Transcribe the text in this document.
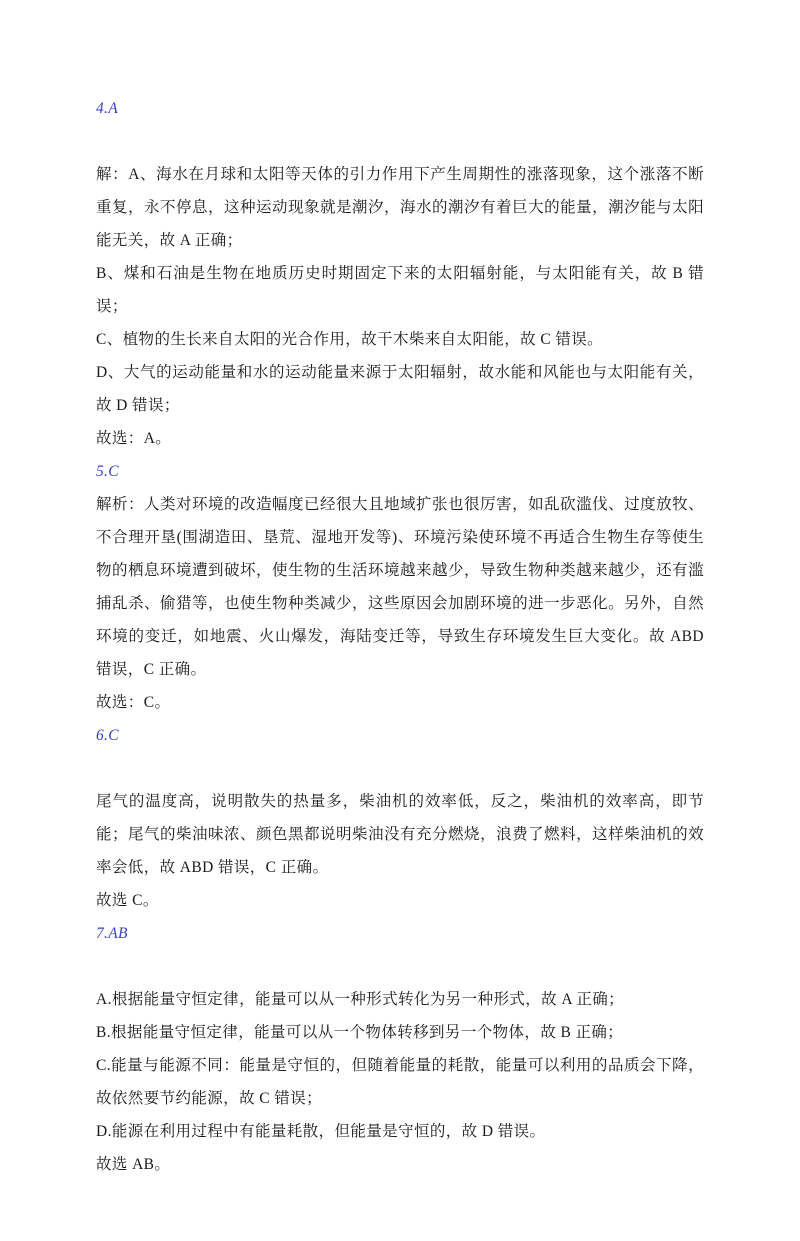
4.A

解：A、海水在月球和太阳等天体的引力作用下产生周期性的涨落现象，这个涨落不断重复，永不停息，这种运动现象就是潮汐，海水的潮汐有着巨大的能量，潮汐能与太阳能无关，故 A 正确；

B、煤和石油是生物在地质历史时期固定下来的太阳辐射能，与太阳能有关，故 B 错误；

C、植物的生长来自太阳的光合作用，故干木柴来自太阳能，故 C 错误。

D、大气的运动能量和水的运动能量来源于太阳辐射，故水能和风能也与太阳能有关，故 D 错误；

故选：A。

5.C

解析：人类对环境的改造幅度已经很大且地域扩张也很厉害，如乱砍滥伐、过度放牧、不合理开垦(围湖造田、垦荒、湿地开发等)、环境污染使环境不再适合生物生存等使生物的栖息环境遭到破坏，使生物的生活环境越来越少，导致生物种类越来越少，还有滥捕乱杀、偷猎等，也使生物种类减少，这些原因会加剧环境的进一步恶化。另外，自然环境的变迁，如地震、火山爆发，海陆变迁等，导致生存环境发生巨大变化。故 ABD 错误，C 正确。

故选：C。

6.C

尾气的温度高，说明散失的热量多，柴油机的效率低，反之，柴油机的效率高，即节能；尾气的柴油味浓、颜色黑都说明柴油没有充分燃烧，浪费了燃料，这样柴油机的效率会低，故 ABD 错误，C 正确。

故选 C。

7.AB

A.根据能量守恒定律，能量可以从一种形式转化为另一种形式，故 A 正确；

B.根据能量守恒定律，能量可以从一个物体转移到另一个物体，故 B 正确；

C.能量与能源不同：能量是守恒的，但随着能量的耗散，能量可以利用的品质会下降，故依然要节约能源，故 C 错误；

D.能源在利用过程中有能量耗散，但能量是守恒的，故 D 错误。

故选 AB。
